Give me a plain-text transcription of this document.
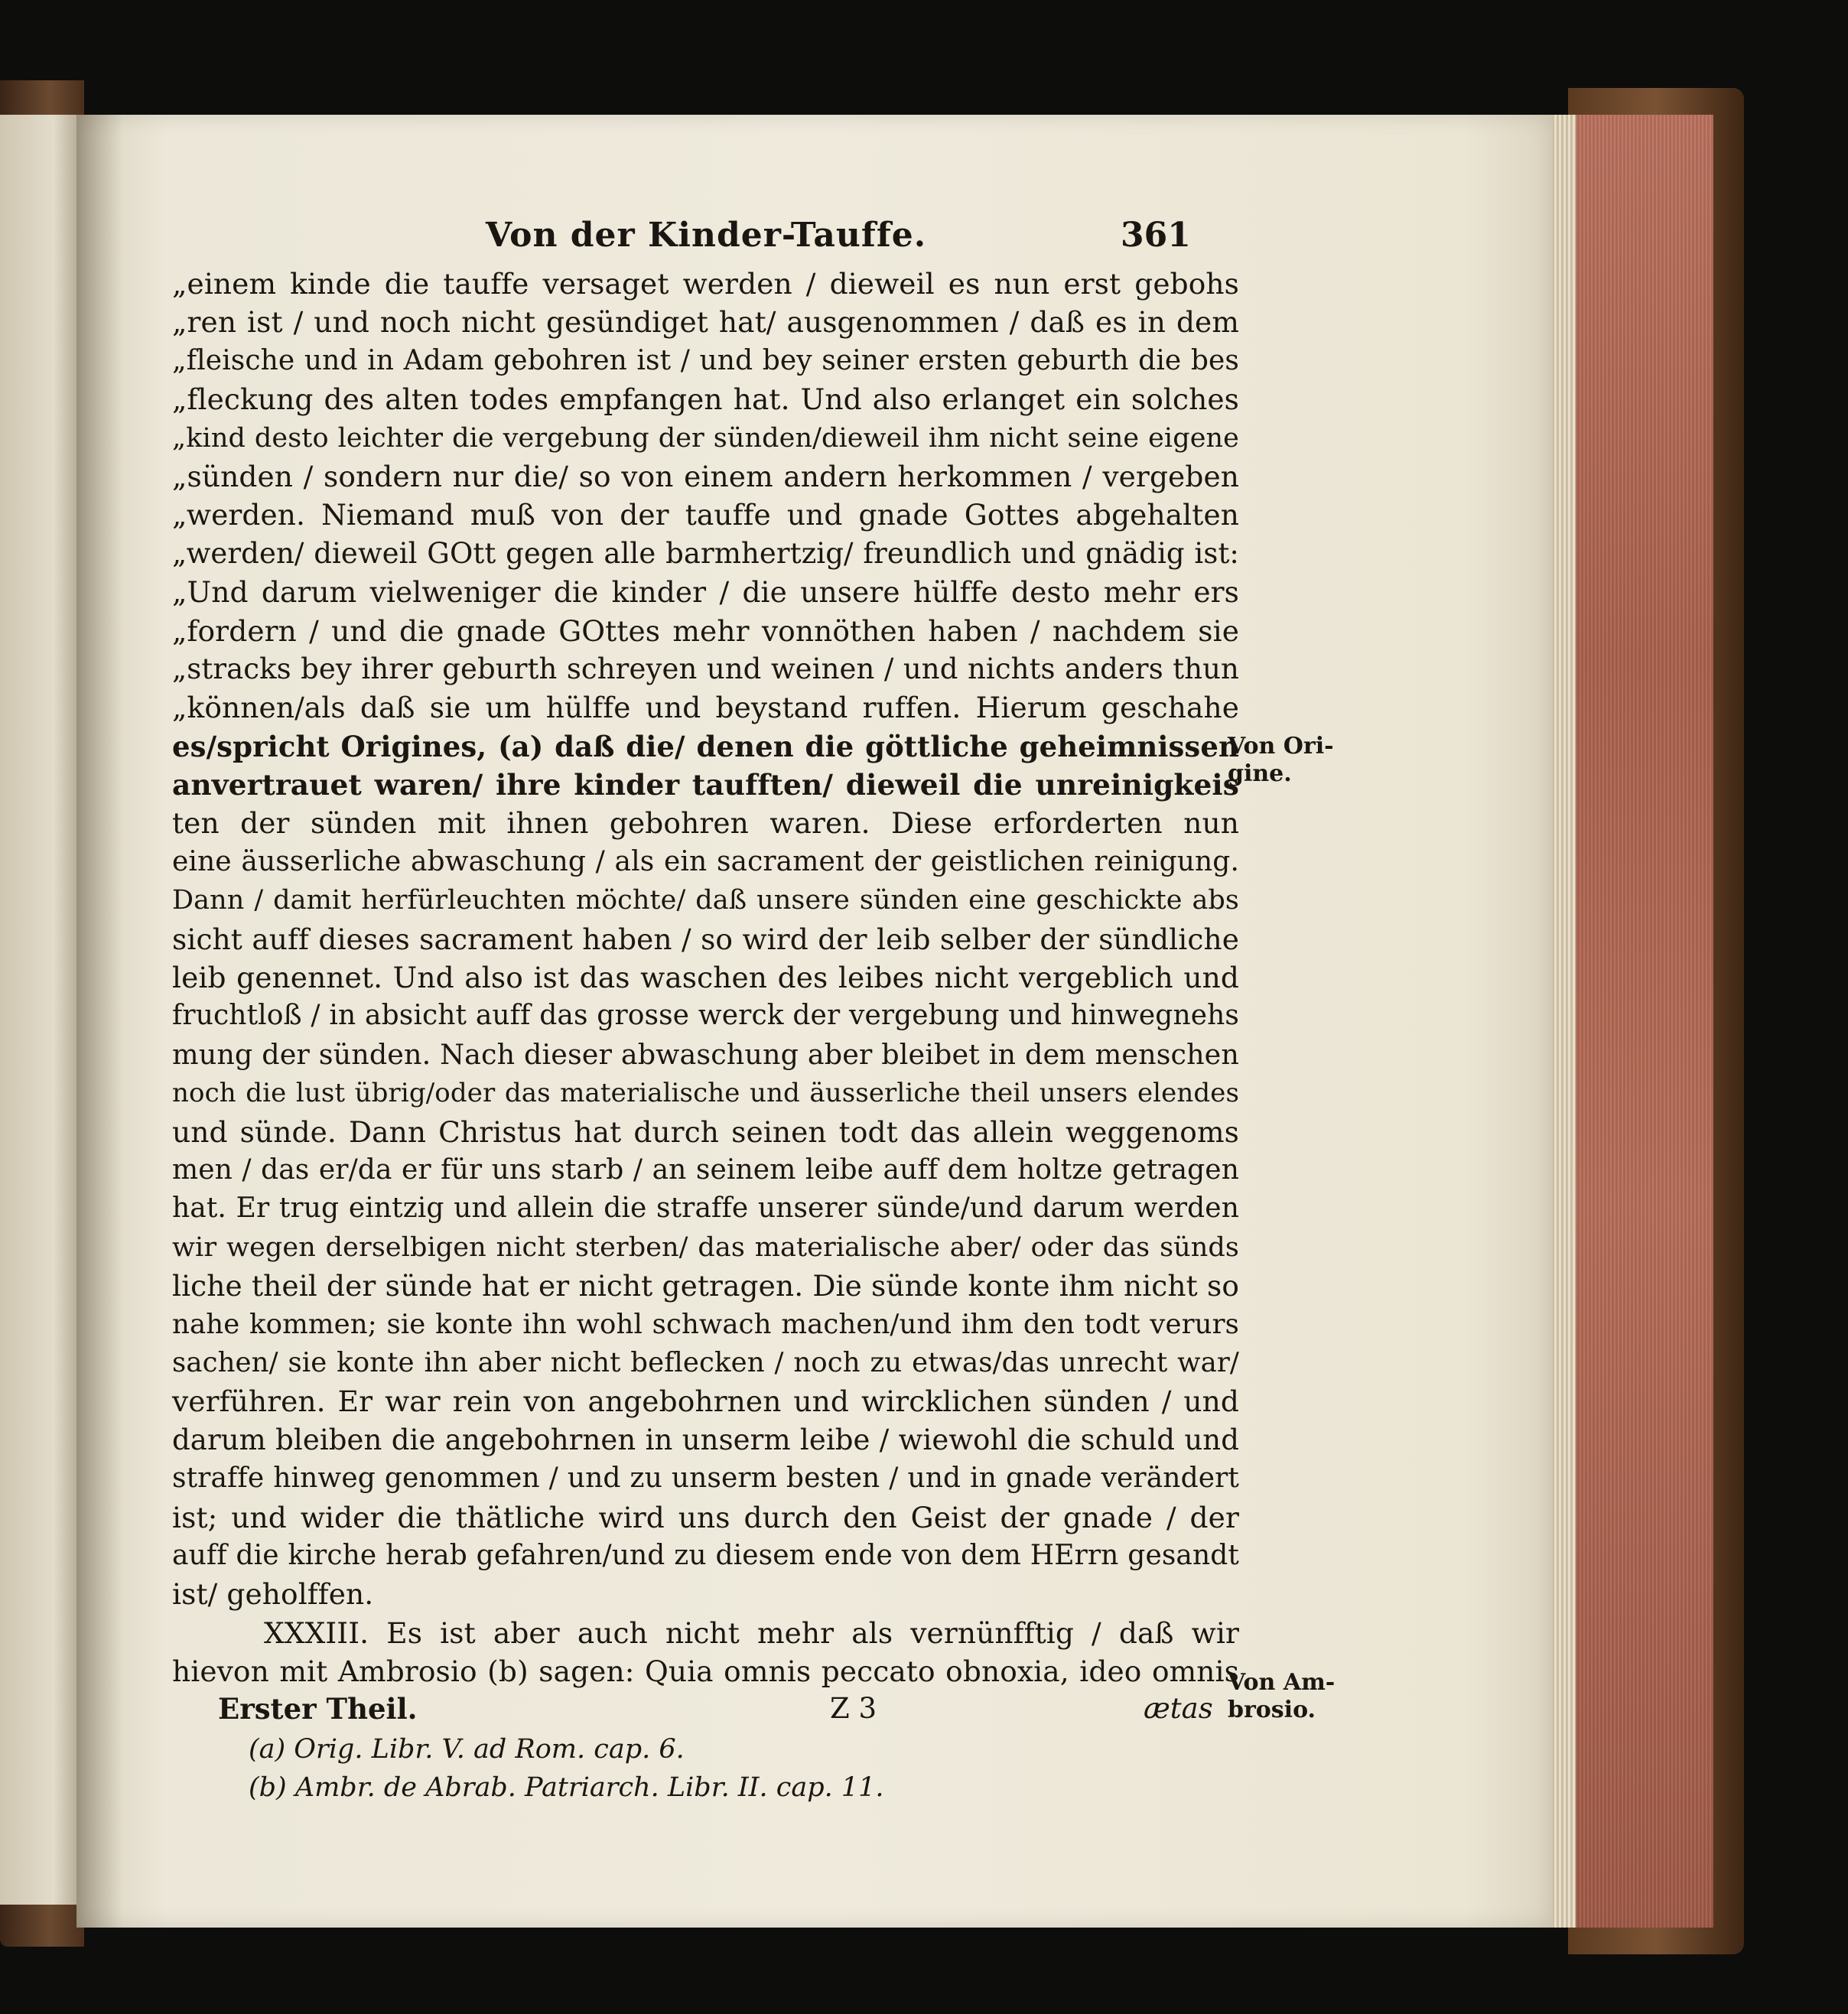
Von der Kinder-Tauffe.	361
„einem kinde die tauffe versaget werden / dieweil es nun erst gebohs
„ren ist / und noch nicht gesündiget hat/ ausgenommen / daß es in dem
„fleische und in Adam gebohren ist / und bey seiner ersten geburth die bes
„fleckung des alten todes empfangen hat. Und also erlanget ein solches
„kind desto leichter die vergebung der sünden/dieweil ihm nicht seine eigene
„sünden / sondern nur die/ so von einem andern herkommen / vergeben
„werden. Niemand muß von der tauffe und gnade Gottes abgehalten
„werden/ dieweil GOtt gegen alle barmhertzig/ freundlich und gnädig ist:
„Und darum vielweniger die kinder / die unsere hülffe desto mehr ers
„fordern / und die gnade GOttes mehr vonnöthen haben / nachdem sie
„stracks bey ihrer geburth schreyen und weinen / und nichts anders thun
„können/als daß sie um hülffe und beystand ruffen. Hierum geschahe
es/spricht Origines, (a) daß die/ denen die göttliche geheimnissen
anvertrauet waren/ ihre kinder taufften/ dieweil die unreinigkeis
ten der sünden mit ihnen gebohren waren. Diese erforderten nun
eine äusserliche abwaschung / als ein sacrament der geistlichen reinigung.
Dann / damit herfürleuchten möchte/ daß unsere sünden eine geschickte abs
sicht auff dieses sacrament haben / so wird der leib selber der sündliche
leib genennet. Und also ist das waschen des leibes nicht vergeblich und
fruchtloß / in absicht auff das grosse werck der vergebung und hinwegnehs
mung der sünden. Nach dieser abwaschung aber bleibet in dem menschen
noch die lust übrig/oder das materialische und äusserliche theil unsers elendes
und sünde. Dann Christus hat durch seinen todt das allein weggenoms
men / das er/da er für uns starb / an seinem leibe auff dem holtze getragen
hat. Er trug eintzig und allein die straffe unserer sünde/und darum werden
wir wegen derselbigen nicht sterben/ das materialische aber/ oder das sünds
liche theil der sünde hat er nicht getragen. Die sünde konte ihm nicht so
nahe kommen; sie konte ihn wohl schwach machen/und ihm den todt verurs
sachen/ sie konte ihn aber nicht beflecken / noch zu etwas/das unrecht war/
verführen. Er war rein von angebohrnen und wircklichen sünden / und
darum bleiben die angebohrnen in unserm leibe / wiewohl die schuld und
straffe hinweg genommen / und zu unserm besten / und in gnade verändert
ist; und wider die thätliche wird uns durch den Geist der gnade / der
auff die kirche herab gefahren/und zu diesem ende von dem HErrn gesandt
ist/ geholffen.
XXXIII. Es ist aber auch nicht mehr als vernünfftig / daß wir
hievon mit Ambrosio (b) sagen: Quia omnis peccato obnoxia, ideo omnis
Erster Theil.	Z 3	ætas
(a) Orig. Libr. V. ad Rom. cap. 6.
(b) Ambr. de Abrab. Patriarch. Libr. II. cap. 11.
Von Ori-
gine.
Von Am-
brosio.
